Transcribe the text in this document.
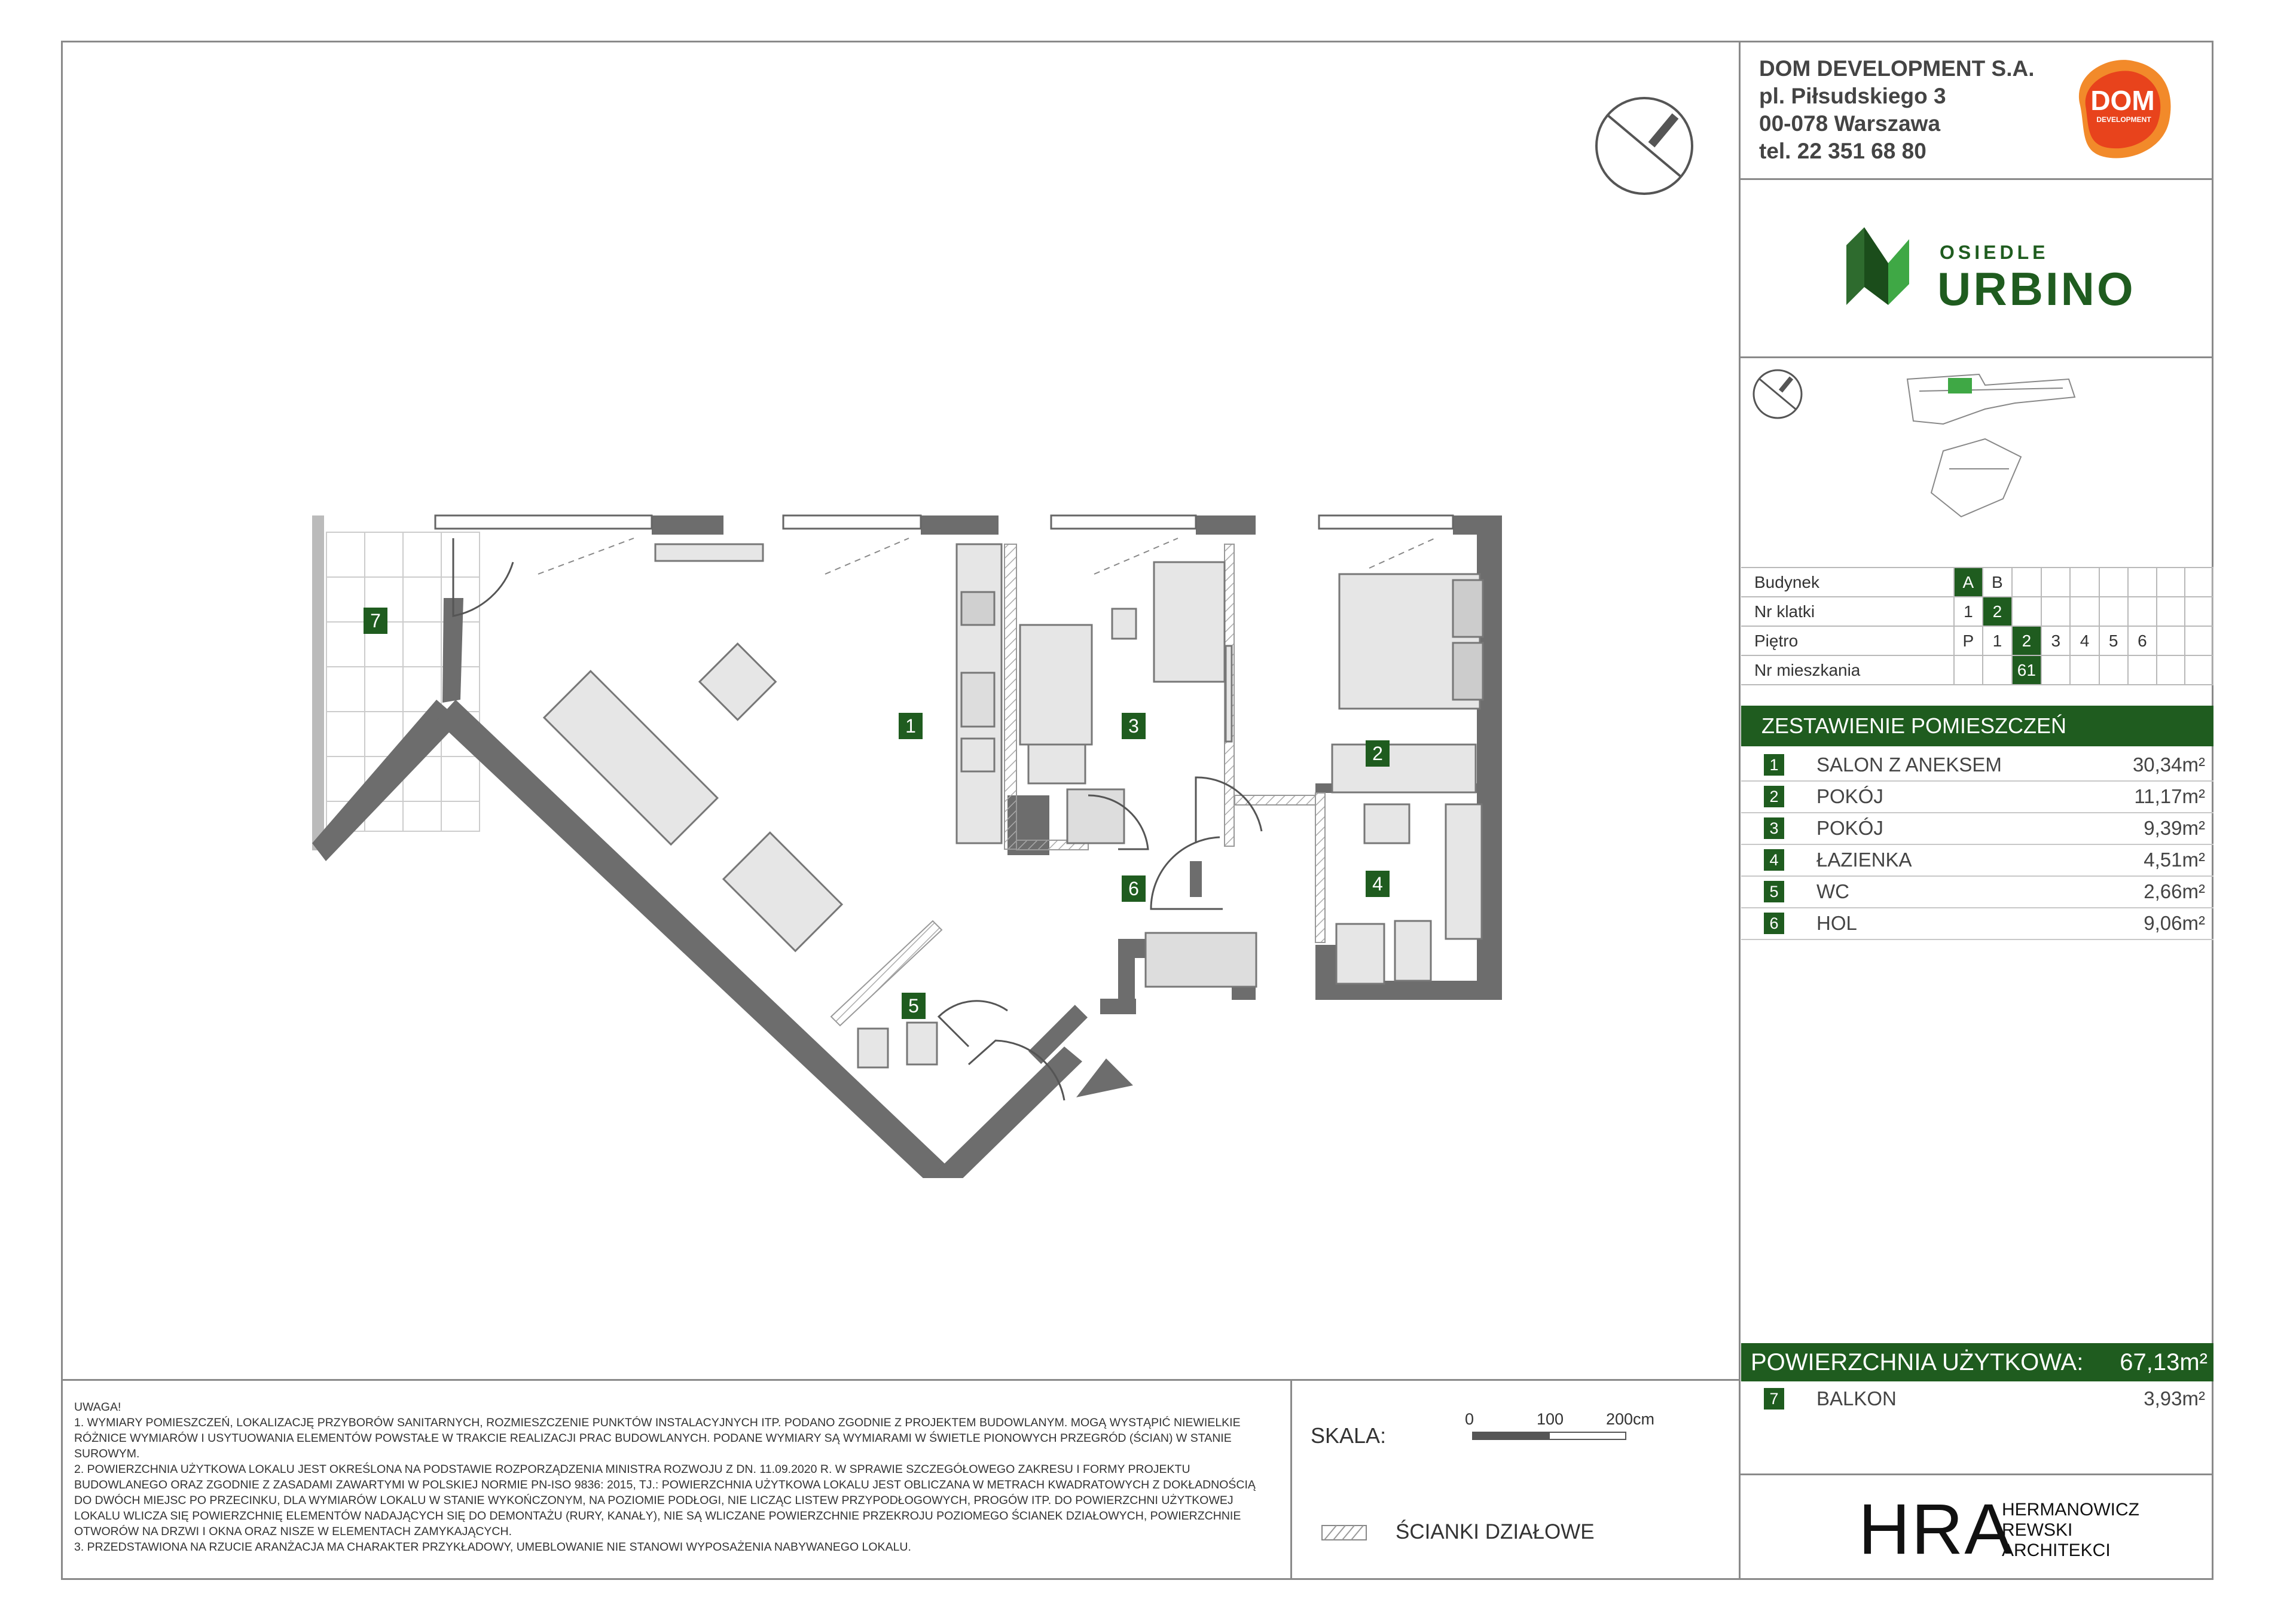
DOM DEVELOPMENT S.A.
pl. Piłsudskiego 3
00-078 Warszawa
tel. 22 351 68 80
DOM
DEVELOPMENT
OSIEDLE
URBINO
Budynek	A	B							
Nr klatki	1	2							
Piętro	P	1	2	3	4	5	6		
Nr mieszkania			61						
ZESTAWIENIE POMIESZCZEŃ
1 SALON Z ANEKSEM	30,34m²
2 POKÓJ	11,17m²
3 POKÓJ	9,39m²
4 ŁAZIENKA	4,51m²
5 WC	2,66m²
6 HOL	9,06m²
POWIERZCHNIA UŻYTKOWA: 67,13m²
7 BALKON	3,93m²
HRA
HERMANOWICZ
REWSKI
ARCHITEKCI
UWAGA!
1. WYMIARY POMIESZCZEŃ, LOKALIZACJĘ PRZYBORÓW SANITARNYCH, ROZMIESZCZENIE PUNKTÓW INSTALACYJNYCH ITP. PODANO ZGODNIE Z PROJEKTEM BUDOWLANYM. MOGĄ WYSTĄPIĆ NIEWIELKIE RÓŻNICE WYMIARÓW I USYTUOWANIA ELEMENTÓW POWSTAŁE W TRAKCIE REALIZACJI PRAC BUDOWLANYCH. PODANE WYMIARY SĄ WYMIARAMI W ŚWIETLE PIONOWYCH PRZEGRÓD (ŚCIAN) W STANIE SUROWYM.
2. POWIERZCHNIA UŻYTKOWA LOKALU JEST OKREŚLONA NA PODSTAWIE ROZPORZĄDZENIA MINISTRA ROZWOJU Z DN. 11.09.2020 R. W SPRAWIE SZCZEGÓŁOWEGO ZAKRESU I FORMY PROJEKTU BUDOWLANEGO ORAZ ZGODNIE Z ZASADAMI ZAWARTYMI W POLSKIEJ NORMIE PN-ISO 9836: 2015, TJ.: POWIERZCHNIA UŻYTKOWA LOKALU JEST OBLICZANA W METRACH KWADRATOWYCH Z DOKŁADNOŚCIĄ DO DWÓCH MIEJSC PO PRZECINKU, DLA WYMIARÓW LOKALU W STANIE WYKOŃCZONYM, NA POZIOMIE PODŁOGI, NIE LICZĄC LISTEW PRZYPODŁOGOWYCH, PROGÓW ITP. DO POWIERZCHNI UŻYTKOWEJ LOKALU WLICZA SIĘ POWIERZCHNIĘ ELEMENTÓW NADAJĄCYCH SIĘ DO DEMONTAŻU (RURY, KANAŁY), NIE SĄ WLICZANE POWIERZCHNIE PRZEKROJU POZIOMEGO ŚCIANEK DZIAŁOWYCH, POWIERZCHNIE OTWORÓW NA DRZWI I OKNA ORAZ NISZE W ELEMENTACH ZAMYKAJĄCYCH.
3. PRZEDSTAWIONA NA RZUCIE ARANŻACJA MA CHARAKTER PRZYKŁADOWY, UMEBLOWANIE NIE STANOWI WYPOSAŻENIA NABYWANEGO LOKALU.
SKALA:
0	100	200cm
ŚCIANKI DZIAŁOWE
1
2
3
4
5
6
7
